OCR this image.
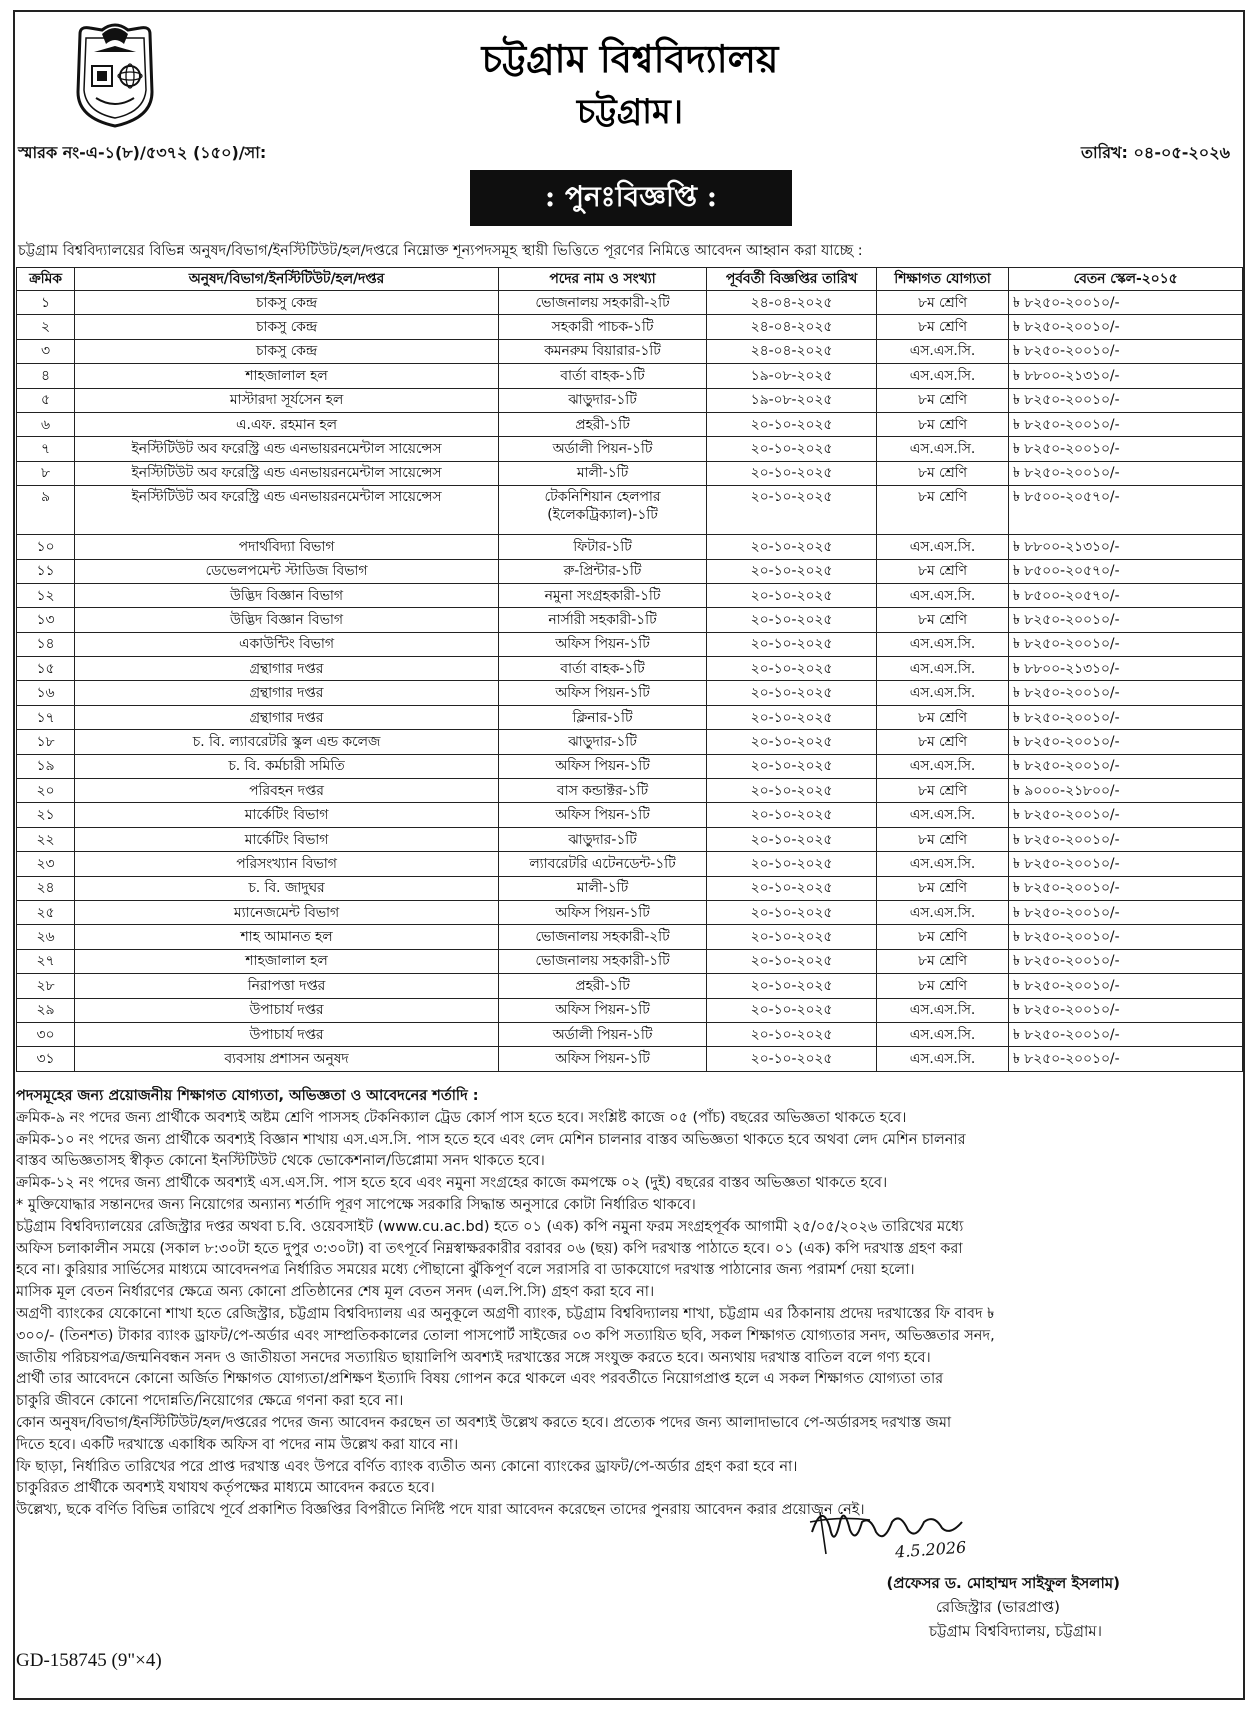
চট্টগ্রাম বিশ্ববিদ্যালয়
চট্টগ্রাম।
স্মারক নং-এ-১(৮)/৫৩৭২ (১৫০)/সা:	তারিখ: ০৪-০৫-২০২৬
: পুনঃবিজ্ঞপ্তি :
চট্টগ্রাম বিশ্ববিদ্যালয়ের বিভিন্ন অনুষদ/বিভাগ/ইনস্টিটিউট/হল/দপ্তরে নিম্নোক্ত শূন্যপদসমূহ স্থায়ী ভিত্তিতে পূরণের নিমিত্তে আবেদন আহ্বান করা যাচ্ছে :
ক্রমিক	অনুষদ/বিভাগ/ইনস্টিটিউট/হল/দপ্তর	পদের নাম ও সংখ্যা	পূর্ববর্তী বিজ্ঞপ্তির তারিখ	শিক্ষাগত যোগ্যতা	বেতন স্কেল-২০১৫
১	চাকসু কেন্দ্র	ভোজনালয় সহকারী-২টি	২৪-০৪-২০২৫	৮ম শ্রেণি	৳ ৮২৫০-২০০১০/-
২	চাকসু কেন্দ্র	সহকারী পাচক-১টি	২৪-০৪-২০২৫	৮ম শ্রেণি	৳ ৮২৫০-২০০১০/-
৩	চাকসু কেন্দ্র	কমনরুম বিয়ারার-১টি	২৪-০৪-২০২৫	এস.এস.সি.	৳ ৮২৫০-২০০১০/-
৪	শাহজালাল হল	বার্তা বাহক-১টি	১৯-০৮-২০২৫	এস.এস.সি.	৳ ৮৮০০-২১৩১০/-
৫	মাস্টারদা সূর্যসেন হল	ঝাড়ুদার-১টি	১৯-০৮-২০২৫	৮ম শ্রেণি	৳ ৮২৫০-২০০১০/-
৬	এ.এফ. রহমান হল	প্রহরী-১টি	২০-১০-২০২৫	৮ম শ্রেণি	৳ ৮২৫০-২০০১০/-
৭	ইনস্টিটিউট অব ফরেস্ট্রি এন্ড এনভায়রনমেন্টাল সায়েন্সেস	অর্ডালী পিয়ন-১টি	২০-১০-২০২৫	এস.এস.সি.	৳ ৮২৫০-২০০১০/-
৮	ইনস্টিটিউট অব ফরেস্ট্রি এন্ড এনভায়রনমেন্টাল সায়েন্সেস	মালী-১টি	২০-১০-২০২৫	৮ম শ্রেণি	৳ ৮২৫০-২০০১০/-
৯	ইনস্টিটিউট অব ফরেস্ট্রি এন্ড এনভায়রনমেন্টাল সায়েন্সেস	টেকনিশিয়ান হেলপার (ইলেকট্রিক্যাল)-১টি	২০-১০-২০২৫	৮ম শ্রেণি	৳ ৮৫০০-২০৫৭০/-
১০	পদার্থবিদ্যা বিভাগ	ফিটার-১টি	২০-১০-২০২৫	এস.এস.সি.	৳ ৮৮০০-২১৩১০/-
১১	ডেভেলপমেন্ট স্টাডিজ বিভাগ	রু-প্রিন্টার-১টি	২০-১০-২০২৫	৮ম শ্রেণি	৳ ৮৫০০-২০৫৭০/-
১২	উদ্ভিদ বিজ্ঞান বিভাগ	নমুনা সংগ্রহকারী-১টি	২০-১০-২০২৫	এস.এস.সি.	৳ ৮৫০০-২০৫৭০/-
১৩	উদ্ভিদ বিজ্ঞান বিভাগ	নার্সারী সহকারী-১টি	২০-১০-২০২৫	৮ম শ্রেণি	৳ ৮২৫০-২০০১০/-
১৪	একাউন্টিং বিভাগ	অফিস পিয়ন-১টি	২০-১০-২০২৫	এস.এস.সি.	৳ ৮২৫০-২০০১০/-
১৫	গ্রন্থাগার দপ্তর	বার্তা বাহক-১টি	২০-১০-২০২৫	এস.এস.সি.	৳ ৮৮০০-২১৩১০/-
১৬	গ্রন্থাগার দপ্তর	অফিস পিয়ন-১টি	২০-১০-২০২৫	এস.এস.সি.	৳ ৮২৫০-২০০১০/-
১৭	গ্রন্থাগার দপ্তর	ক্লিনার-১টি	২০-১০-২০২৫	৮ম শ্রেণি	৳ ৮২৫০-২০০১০/-
১৮	চ. বি. ল্যাবরেটরি স্কুল এন্ড কলেজ	ঝাড়ুদার-১টি	২০-১০-২০২৫	৮ম শ্রেণি	৳ ৮২৫০-২০০১০/-
১৯	চ. বি. কর্মচারী সমিতি	অফিস পিয়ন-১টি	২০-১০-২০২৫	এস.এস.সি.	৳ ৮২৫০-২০০১০/-
২০	পরিবহন দপ্তর	বাস কন্ডাক্টর-১টি	২০-১০-২০২৫	৮ম শ্রেণি	৳ ৯০০০-২১৮০০/-
২১	মার্কেটিং বিভাগ	অফিস পিয়ন-১টি	২০-১০-২০২৫	এস.এস.সি.	৳ ৮২৫০-২০০১০/-
২২	মার্কেটিং বিভাগ	ঝাড়ুদার-১টি	২০-১০-২০২৫	৮ম শ্রেণি	৳ ৮২৫০-২০০১০/-
২৩	পরিসংখ্যান বিভাগ	ল্যাবরেটরি এটেনডেন্ট-১টি	২০-১০-২০২৫	এস.এস.সি.	৳ ৮২৫০-২০০১০/-
২৪	চ. বি. জাদুঘর	মালী-১টি	২০-১০-২০২৫	৮ম শ্রেণি	৳ ৮২৫০-২০০১০/-
২৫	ম্যানেজমেন্ট বিভাগ	অফিস পিয়ন-১টি	২০-১০-২০২৫	এস.এস.সি.	৳ ৮২৫০-২০০১০/-
২৬	শাহ আমানত হল	ভোজনালয় সহকারী-২টি	২০-১০-২০২৫	৮ম শ্রেণি	৳ ৮২৫০-২০০১০/-
২৭	শাহজালাল হল	ভোজনালয় সহকারী-১টি	২০-১০-২০২৫	৮ম শ্রেণি	৳ ৮২৫০-২০০১০/-
২৮	নিরাপত্তা দপ্তর	প্রহরী-১টি	২০-১০-২০২৫	৮ম শ্রেণি	৳ ৮২৫০-২০০১০/-
২৯	উপাচার্য দপ্তর	অফিস পিয়ন-১টি	২০-১০-২০২৫	এস.এস.সি.	৳ ৮২৫০-২০০১০/-
৩০	উপাচার্য দপ্তর	অর্ডালী পিয়ন-১টি	২০-১০-২০২৫	এস.এস.সি.	৳ ৮২৫০-২০০১০/-
৩১	ব্যবসায় প্রশাসন অনুষদ	অফিস পিয়ন-১টি	২০-১০-২০২৫	এস.এস.সি.	৳ ৮২৫০-২০০১০/-
পদসমূহের জন্য প্রয়োজনীয় শিক্ষাগত যোগ্যতা, অভিজ্ঞতা ও আবেদনের শর্তাদি :
ক্রমিক-৯ নং পদের জন্য প্রার্থীকে অবশ্যই অষ্টম শ্রেণি পাসসহ টেকনিক্যাল ট্রেড কোর্স পাস হতে হবে। সংশ্লিষ্ট কাজে ০৫ (পাঁচ) বছরের অভিজ্ঞতা থাকতে হবে।
ক্রমিক-১০ নং পদের জন্য প্রার্থীকে অবশ্যই বিজ্ঞান শাখায় এস.এস.সি. পাস হতে হবে এবং লেদ মেশিন চালনার বাস্তব অভিজ্ঞতা থাকতে হবে অথবা লেদ মেশিন চালনার
বাস্তব অভিজ্ঞতাসহ স্বীকৃত কোনো ইনস্টিটিউট থেকে ভোকেশনাল/ডিপ্লোমা সনদ থাকতে হবে।
ক্রমিক-১২ নং পদের জন্য প্রার্থীকে অবশ্যই এস.এস.সি. পাস হতে হবে এবং নমুনা সংগ্রহের কাজে কমপক্ষে ০২ (দুই) বছরের বাস্তব অভিজ্ঞতা থাকতে হবে।
* মুক্তিযোদ্ধার সন্তানদের জন্য নিয়োগের অন্যান্য শর্তাদি পূরণ সাপেক্ষে সরকারি সিদ্ধান্ত অনুসারে কোটা নির্ধারিত থাকবে।
চট্টগ্রাম বিশ্ববিদ্যালয়ের রেজিস্ট্রার দপ্তর অথবা চ.বি. ওয়েবসাইট (www.cu.ac.bd) হতে ০১ (এক) কপি নমুনা ফরম সংগ্রহপূর্বক আগামী ২৫/০৫/২০২৬ তারিখের মধ্যে
অফিস চলাকালীন সময়ে (সকাল ৮:৩০টা হতে দুপুর ৩:৩০টা) বা তৎপূর্বে নিম্নস্বাক্ষরকারীর বরাবর ০৬ (ছয়) কপি দরখাস্ত পাঠাতে হবে। ০১ (এক) কপি দরখাস্ত গ্রহণ করা
হবে না। কুরিয়ার সার্ভিসের মাধ্যমে আবেদনপত্র নির্ধারিত সময়ের মধ্যে পৌছানো ঝুঁকিপূর্ণ বলে সরাসরি বা ডাকযোগে দরখাস্ত পাঠানোর জন্য পরামর্শ দেয়া হলো।
মাসিক মূল বেতন নির্ধারণের ক্ষেত্রে অন্য কোনো প্রতিষ্ঠানের শেষ মূল বেতন সনদ (এল.পি.সি) গ্রহণ করা হবে না।
অগ্রণী ব্যাংকের যেকোনো শাখা হতে রেজিস্ট্রার, চট্টগ্রাম বিশ্ববিদ্যালয় এর অনুকূলে অগ্রণী ব্যাংক, চট্টগ্রাম বিশ্ববিদ্যালয় শাখা, চট্টগ্রাম এর ঠিকানায় প্রদেয় দরখাস্তের ফি বাবদ ৳
৩০০/- (তিনশত) টাকার ব্যাংক ড্রাফট/পে-অর্ডার এবং সাম্প্রতিককালের তোলা পাসপোর্ট সাইজের ০৩ কপি সত্যায়িত ছবি, সকল শিক্ষাগত যোগ্যতার সনদ, অভিজ্ঞতার সনদ,
জাতীয় পরিচয়পত্র/জন্মনিবন্ধন সনদ ও জাতীয়তা সনদের সত্যায়িত ছায়ালিপি অবশ্যই দরখাস্তের সঙ্গে সংযুক্ত করতে হবে। অন্যথায় দরখাস্ত বাতিল বলে গণ্য হবে।
প্রার্থী তার আবেদনে কোনো অর্জিত শিক্ষাগত যোগ্যতা/প্রশিক্ষণ ইত্যাদি বিষয় গোপন করে থাকলে এবং পরবর্তীতে নিয়োগপ্রাপ্ত হলে এ সকল শিক্ষাগত যোগ্যতা তার
চাকুরি জীবনে কোনো পদোন্নতি/নিয়োগের ক্ষেত্রে গণনা করা হবে না।
কোন অনুষদ/বিভাগ/ইনস্টিটিউট/হল/দপ্তরের পদের জন্য আবেদন করছেন তা অবশ্যই উল্লেখ করতে হবে। প্রত্যেক পদের জন্য আলাদাভাবে পে-অর্ডারসহ দরখাস্ত জমা
দিতে হবে। একটি দরখাস্তে একাধিক অফিস বা পদের নাম উল্লেখ করা যাবে না।
ফি ছাড়া, নির্ধারিত তারিখের পরে প্রাপ্ত দরখাস্ত এবং উপরে বর্ণিত ব্যাংক ব্যতীত অন্য কোনো ব্যাংকের ড্রাফট/পে-অর্ডার গ্রহণ করা হবে না।
চাকুরিরত প্রার্থীকে অবশ্যই যথাযথ কর্তৃপক্ষের মাধ্যমে আবেদন করতে হবে।
উল্লেখ্য, ছকে বর্ণিত বিভিন্ন তারিখে পূর্বে প্রকাশিত বিজ্ঞপ্তির বিপরীতে নির্দিষ্ট পদে যারা আবেদন করেছেন তাদের পুনরায় আবেদন করার প্রয়োজন নেই।
4.5.2026
(প্রফেসর ড. মোহাম্মদ সাইফুল ইসলাম)
রেজিস্ট্রার (ভারপ্রাপ্ত)
চট্টগ্রাম বিশ্ববিদ্যালয়, চট্টগ্রাম।
GD-158745 (9"×4)
